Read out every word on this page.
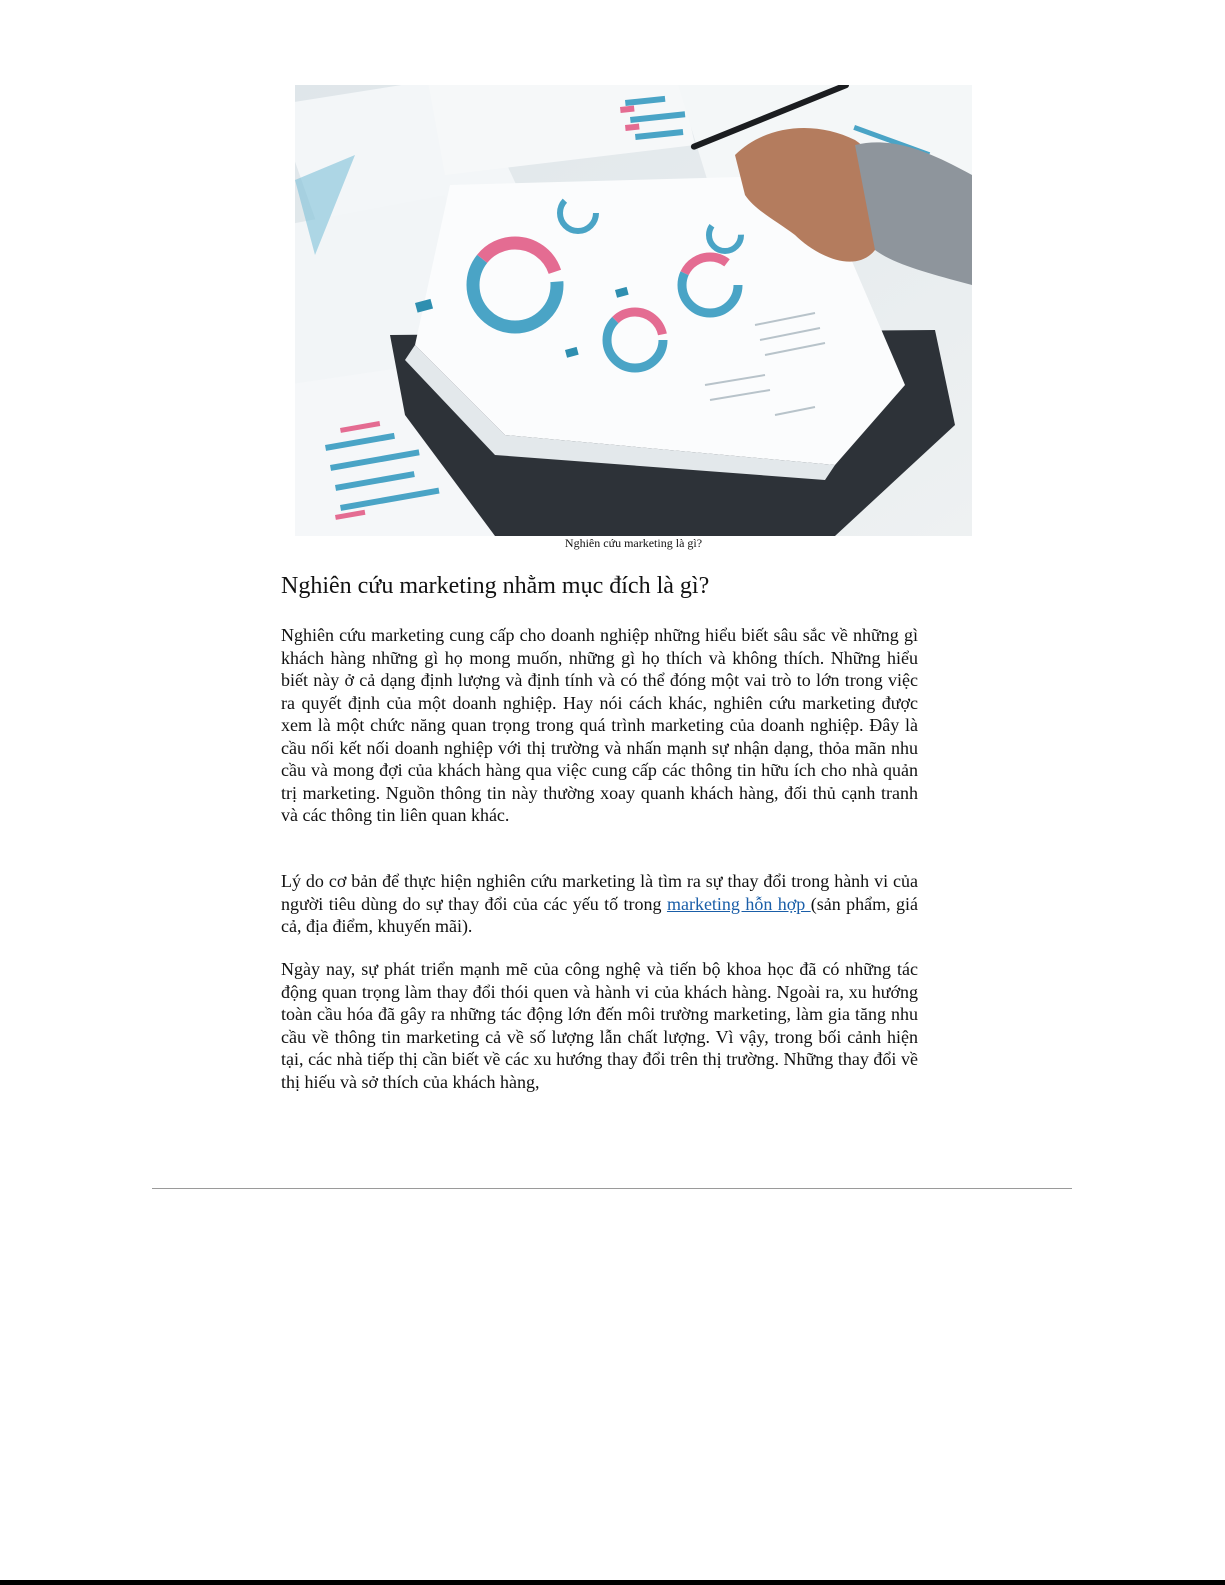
Nghiên cứu marketing là gì?
Nghiên cứu marketing nhằm mục đích là gì?

Nghiên cứu marketing cung cấp cho doanh nghiệp những hiểu biết sâu sắc về những gì khách hàng những gì họ mong muốn, những gì họ thích và không thích. Những hiểu biết này ở cả dạng định lượng và định tính và có thể đóng một vai trò to lớn trong việc ra quyết định của một doanh nghiệp. Hay nói cách khác, nghiên cứu marketing được xem là một chức năng quan trọng trong quá trình marketing của doanh nghiệp. Đây là cầu nối kết nối doanh nghiệp với thị trường và nhấn mạnh sự nhận dạng, thỏa mãn nhu cầu và mong đợi của khách hàng qua việc cung cấp các thông tin hữu ích cho nhà quản trị marketing. Nguồn thông tin này thường xoay quanh khách hàng, đối thủ cạnh tranh và các thông tin liên quan khác.

Lý do cơ bản để thực hiện nghiên cứu marketing là tìm ra sự thay đổi trong hành vi của người tiêu dùng do sự thay đổi của các yếu tố trong marketing hỗn hợp (sản phẩm, giá cả, địa điểm, khuyến mãi).

Ngày nay, sự phát triển mạnh mẽ của công nghệ và tiến bộ khoa học đã có những tác động quan trọng làm thay đổi thói quen và hành vi của khách hàng. Ngoài ra, xu hướng toàn cầu hóa đã gây ra những tác động lớn đến môi trường marketing, làm gia tăng nhu cầu về thông tin marketing cả về số lượng lẫn chất lượng. Vì vậy, trong bối cảnh hiện tại, các nhà tiếp thị cần biết về các xu hướng thay đổi trên thị trường. Những thay đổi về thị hiếu và sở thích của khách hàng,
